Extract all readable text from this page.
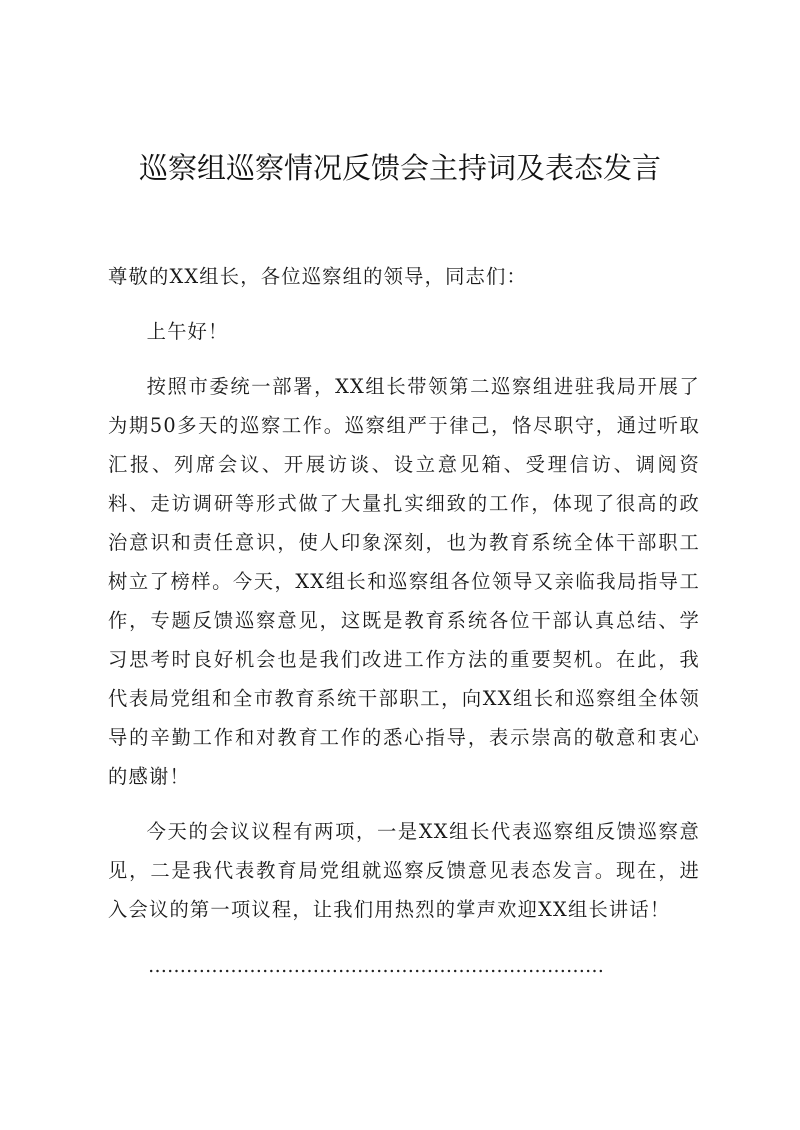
巡察组巡察情况反馈会主持词及表态发言

尊敬的XX组长，各位巡察组的领导，同志们：

上午好！

按照市委统一部署，XX组长带领第二巡察组进驻我局开展了为期50多天的巡察工作。巡察组严于律己，恪尽职守，通过听取汇报、列席会议、开展访谈、设立意见箱、受理信访、调阅资料、走访调研等形式做了大量扎实细致的工作，体现了很高的政治意识和责任意识，使人印象深刻，也为教育系统全体干部职工树立了榜样。今天，XX组长和巡察组各位领导又亲临我局指导工作，专题反馈巡察意见，这既是教育系统各位干部认真总结、学习思考时良好机会也是我们改进工作方法的重要契机。在此，我代表局党组和全市教育系统干部职工，向XX组长和巡察组全体领导的辛勤工作和对教育工作的悉心指导，表示崇高的敬意和衷心的感谢！

今天的会议议程有两项，一是XX组长代表巡察组反馈巡察意见，二是我代表教育局党组就巡察反馈意见表态发言。现在，进入会议的第一项议程，让我们用热烈的掌声欢迎XX组长讲话！

………………………………………………………………
